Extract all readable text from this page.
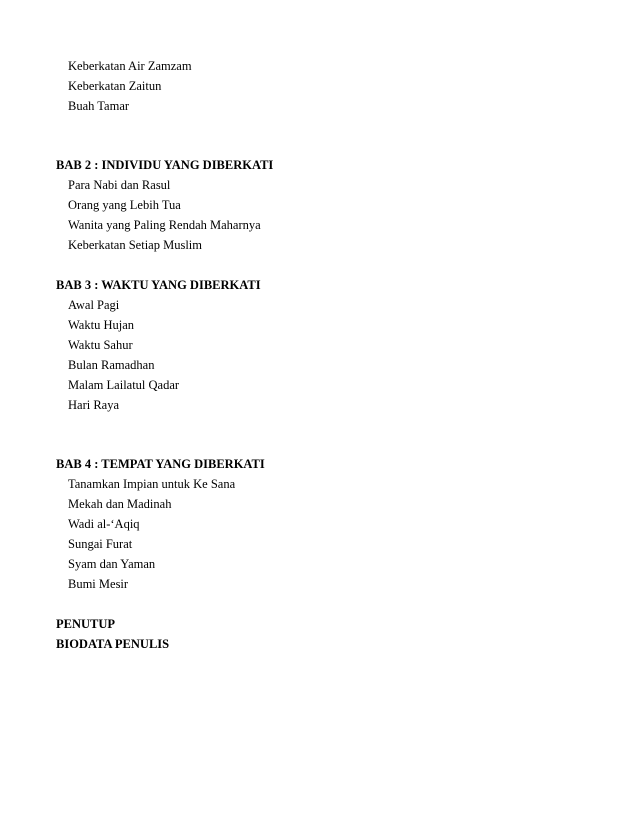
Keberkatan Air Zamzam
Keberkatan Zaitun
Buah Tamar
BAB 2 : INDIVIDU YANG DIBERKATI
Para Nabi dan Rasul
Orang yang Lebih Tua
Wanita yang Paling Rendah Maharnya
Keberkatan Setiap Muslim
BAB 3 : WAKTU YANG DIBERKATI
Awal Pagi
Waktu Hujan
Waktu Sahur
Bulan Ramadhan
Malam Lailatul Qadar
Hari Raya
BAB 4 : TEMPAT YANG DIBERKATI
Tanamkan Impian untuk Ke Sana
Mekah dan Madinah
Wadi al-‘Aqiq
Sungai Furat
Syam dan Yaman
Bumi Mesir
PENUTUP
BIODATA PENULIS
